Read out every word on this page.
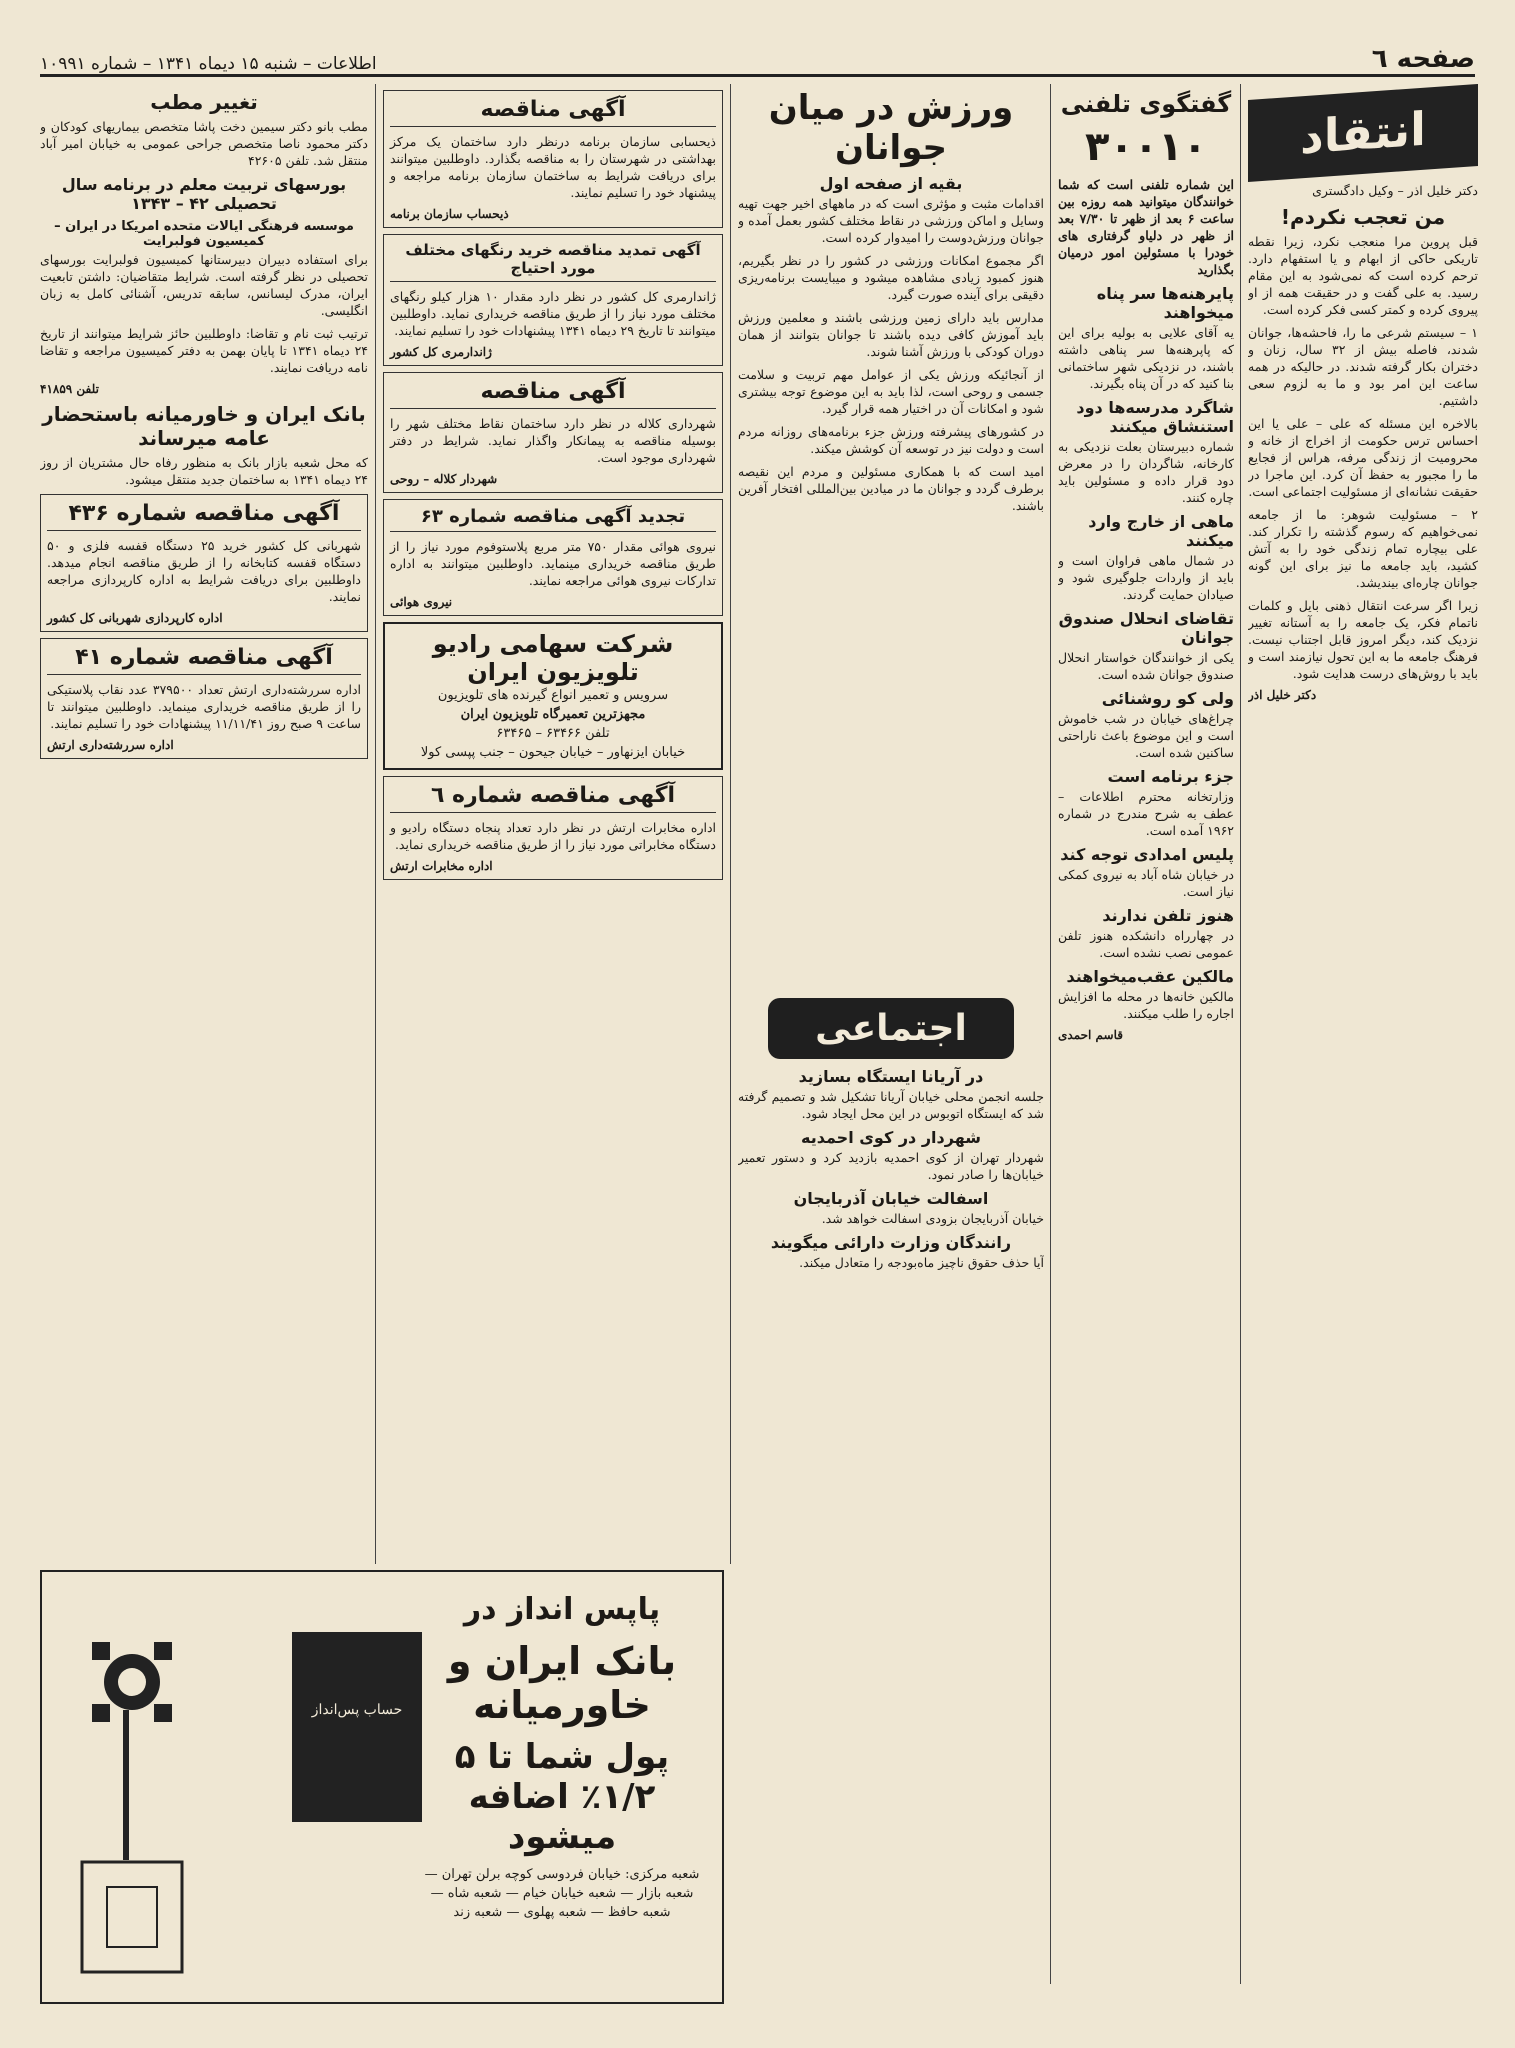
صفحه ٦
اطلاعات – شنبه ۱۵ دیماه ۱۳۴۱ – شماره ۱۰۹۹۱
انتقاد

دکتر خلیل اذر – وکیل دادگستری

من تعجب نکردم!

قبل پروین مرا منعجب نکرد، زیرا نقطه تاریکی حاکی از ابهام و یا استفهام دارد. ترحم کرده است که نمی‌شود به این مقام رسید. به علی گفت و در حقیقت همه از او پیروی کرده و کمتر کسی فکر کرده است.

۱ – سیستم شرعی ما را، فاحشه‌ها، جوانان شدند، فاصله بیش از ۳۲ سال، زنان و دختران بکار گرفته شدند. در حالیکه در همه ساعت این امر بود و ما به لزوم سعی داشتیم.

بالاخره این مسئله که علی – علی یا این احساس ترس حکومت از اخراج از خانه و محرومیت از زندگی مرفه، هراس از فجایع ما را مجبور به حفظ آن کرد. این ماجرا در حقیقت نشانه‌ای از مسئولیت اجتماعی است.

۲ – مسئولیت شوهر: ما از جامعه نمی‌خواهیم که رسوم گذشته را تکرار کند. علی بیچاره تمام زندگی خود را به آتش کشید، باید جامعه ما نیز برای این گونه جوانان چاره‌ای بیندیشد.

زیرا اگر سرعت انتقال ذهنی بایل و کلمات ناتمام فکر، یک جامعه را به آستانه تغییر نزدیک کند، دیگر امروز قابل اجتناب نیست. فرهنگ جامعه ما به این تحول نیازمند است و باید با روش‌های درست هدایت شود.

دکتر خلیل اذر
گفتگوی تلفنی
۳۰۰۱۰

این شماره تلفنی است که شما خوانندگان میتوانید همه روزه بین ساعت ۶ بعد از ظهر تا ۷/۳۰ بعد از ظهر در دلیاو گرفتاری های خودرا با مسئولین امور درمیان بگذارید

پایرهنه‌ها سر پناه میخواهند

یه آقای علایی به بولیه برای این که پاپرهنه‌ها سر پناهی داشته باشند، در نزدیکی شهر ساختمانی بنا کنید که در آن پناه بگیرند.

شاگرد مدرسه‌ها دود استنشاق میکنند

شماره دبیرستان بعلت نزدیکی به کارخانه، شاگردان را در معرض دود قرار داده و مسئولین باید چاره کنند.

ماهی از خارج وارد میکنند

در شمال ماهی فراوان است و باید از واردات جلوگیری شود و صیادان حمایت گردند.

تقاضای انحلال صندوق جوانان

یکی از خوانندگان خواستار انحلال صندوق جوانان شده است.

ولی کو روشنائی

چراغ‌های خیابان در شب خاموش است و این موضوع باعث ناراحتی ساکنین شده است.

جزء برنامه‌ است

وزارتخانه محترم اطلاعات – عطف به شرح مندرج در شماره ۱۹۶۲ آمده است.

پلیس امدادی توجه کند

در خیابان شاه آباد به نیروی کمکی نیاز است.

هنوز تلفن ندارند

در چهارراه دانشکده هنوز تلفن عمومی نصب نشده است.

مالکین عقب‌میخواهند

مالکین خانه‌ها در محله ما افزایش اجاره را طلب میکنند.

قاسم احمدی
ورزش در میان جوانان
بقیه از صفحه اول

اقدامات مثبت و مؤثری است که در ماههای اخیر جهت تهیه وسایل و اماکن ورزشی در نقاط مختلف کشور بعمل آمده و جوانان ورزش‌دوست را امیدوار کرده است.

اگر مجموع امکانات ورزشی در کشور را در نظر بگیریم، هنوز کمبود زیادی مشاهده میشود و میبایست برنامه‌ریزی دقیقی برای آینده صورت گیرد.

مدارس باید دارای زمین ورزشی باشند و معلمین ورزش باید آموزش کافی دیده باشند تا جوانان بتوانند از همان دوران کودکی با ورزش آشنا شوند.

از آنجائیکه ورزش یکی از عوامل مهم تربیت و سلامت جسمی و روحی است، لذا باید به این موضوع توجه بیشتری شود و امکانات آن در اختیار همه قرار گیرد.

در کشورهای پیشرفته ورزش جزء برنامه‌های روزانه مردم است و دولت نیز در توسعه آن کوشش میکند.

امید است که با همکاری مسئولین و مردم این نقیصه برطرف گردد و جوانان ما در میادین بین‌المللی افتخار آفرین باشند.

اجتماعی
در آریانا ایستگاه بسازید

جلسه انجمن محلی خیابان آریانا تشکیل شد و تصمیم گرفته شد که ایستگاه اتوبوس در این محل ایجاد شود.

شهردار در کوی احمدیه

شهردار تهران از کوی احمدیه بازدید کرد و دستور تعمیر خیابان‌ها را صادر نمود.

اسفالت خیابان آذربایجان

خیابان آذربایجان بزودی اسفالت خواهد شد.

رانندگان وزارت دارائی میگویند

آیا حذف حقوق ناچیز ماه‌بودجه را متعادل میکند.

آگهی مناقصه

ذیحسابی سازمان برنامه درنظر دارد ساختمان یک مرکز بهداشتی در شهرستان را به مناقصه بگذارد. داوطلبین میتوانند برای دریافت شرایط به ساختمان سازمان برنامه مراجعه و پیشنهاد خود را تسلیم نمایند.

ذیحساب سازمان برنامه
آگهی تمدید مناقصه خرید رنگهای مختلف مورد احتیاج

ژاندارمری کل کشور در نظر دارد مقدار ۱۰ هزار کیلو رنگهای مختلف مورد نیاز را از طریق مناقصه خریداری نماید. داوطلبین میتوانند تا تاریخ ۲۹ دیماه ۱۳۴۱ پیشنهادات خود را تسلیم نمایند.

ژاندارمری کل کشور
آگهی مناقصه

شهرداری کلاله در نظر دارد ساختمان نقاط مختلف شهر را بوسیله مناقصه به پیمانکار واگذار نماید. شرایط در دفتر شهرداری موجود است.

شهردار کلاله – روحی
تجدید آگهی مناقصه شماره ۶۳

نیروی هوائی مقدار ۷۵۰ متر مربع پلاستوفوم مورد نیاز را از طریق مناقصه خریداری مینماید. داوطلبین میتوانند به اداره تدارکات نیروی هوائی مراجعه نمایند.

نیروی هوائی
شرکت سهامی رادیو تلویزیون ایران
سرویس و تعمیر انواع گیرنده های تلویزیون
مجهزترین تعمیرگاه تلویزیون ایران
تلفن ۶۳۴۶۶ – ۶۳۴۶۵
خیابان ایزنهاور – خیابان جیحون – جنب پپسی کولا
آگهی مناقصه شماره ٦

اداره مخابرات ارتش در نظر دارد تعداد پنجاه دستگاه رادیو و دستگاه مخابراتی مورد نیاز را از طریق مناقصه خریداری نماید.

اداره مخابرات ارتش
تغییر مطب

مطب بانو دکتر سیمین دخت پاشا متخصص بیماریهای کودکان و دکتر محمود ناصا متخصص جراحی عمومی به خیابان امیر آباد منتقل شد. تلفن ۴۲۶۰۵

بورسهای تربیت معلم در برنامه سال تحصیلی ۴۲ – ۱۳۴۳
موسسه فرهنگی ایالات متحده امریکا در ایران – کمیسیون فولبرایت

برای استفاده دبیران دبیرستانها کمیسیون فولبرایت بورسهای تحصیلی در نظر گرفته است. شرایط متقاضیان: داشتن تابعیت ایران، مدرک لیسانس، سابقه تدریس، آشنائی کامل به زبان انگلیسی.

ترتیب ثبت نام و تقاضا: داوطلبین حائز شرایط میتوانند از تاریخ ۲۴ دیماه ۱۳۴۱ تا پایان بهمن به دفتر کمیسیون مراجعه و تقاضا نامه دریافت نمایند.

تلفن ۴۱۸۵۹
بانک ایران و خاورمیانه باستحضار عامه میرساند

که محل شعبه بازار بانک به منظور رفاه حال مشتریان از روز ۲۴ دیماه ۱۳۴۱ به ساختمان جدید منتقل میشود.

آگهی مناقصه شماره ۴۳۶

شهربانی کل کشور خرید ۲۵ دستگاه قفسه فلزی و ۵۰ دستگاه قفسه کتابخانه را از طریق مناقصه انجام میدهد. داوطلبین برای دریافت شرایط به اداره کارپردازی مراجعه نمایند.

اداره کارپردازی شهربانی کل کشور
آگهی مناقصه شماره ۴۱

اداره سررشته‌داری ارتش تعداد ۳۷۹۵۰۰ عدد نقاب پلاستیکی را از طریق مناقصه خریداری مینماید. داوطلبین میتوانند تا ساعت ۹ صبح روز ۱۱/۱۱/۴۱ پیشنهادات خود را تسلیم نمایند.

اداره سررشته‌داری ارتش
حساب پس‌انداز
پاپس انداز در
بانک ایران و خاورمیانه
پول شما تا ۵ ۱/۲٪ اضافه میشود
شعبه مرکزی: خیابان فردوسی کوچه برلن تهران — شعبه بازار — شعبه خیابان خیام — شعبه شاه — شعبه حافظ — شعبه پهلوی — شعبه زند
